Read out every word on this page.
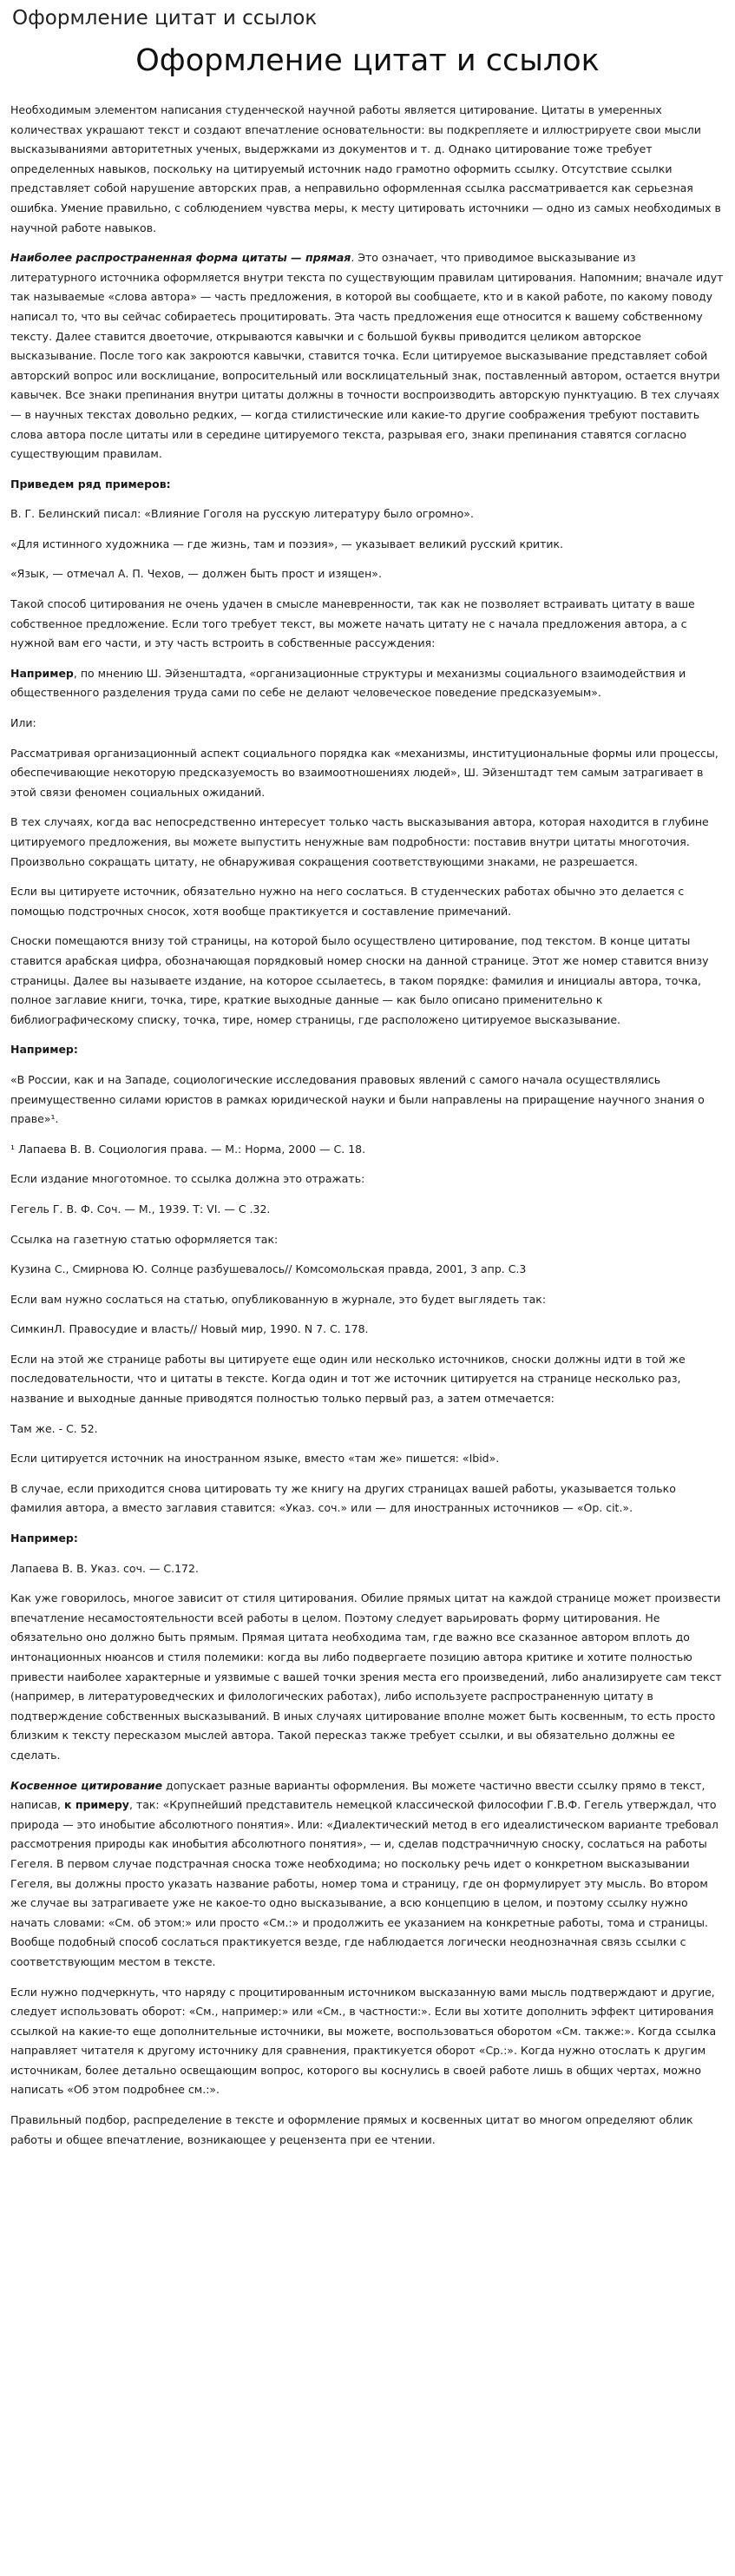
Оформление цитат и ссылок
Оформление цитат и ссылок

Необходимым элементом написания студенческой научной работы является цитирование. Цитаты в умеренных количествах украшают текст и создают впечатление основательности: вы подкрепляете и иллюстрируете свои мысли высказываниями авторитетных ученых, выдержками из документов и т. д. Однако цитирование тоже требует определенных навыков, поскольку на цитируемый источник надо грамотно оформить ссылку. Отсутствие ссылки представляет собой нарушение авторских прав, а неправильно оформленная ссылка рассматривается как серьезная ошибка. Умение правильно, с соблюдением чувства меры, к месту цитировать источники — одно из самых необходимых в научной работе навыков.

Наиболее распространенная форма цитаты — прямая. Это означает, что приводимое высказывание из литературного источника оформляется внутри текста по существующим правилам цитирования. Напомним; вначале идут так называемые «слова автора» — часть предложения, в которой вы сообщаете, кто и в какой работе, по какому поводу написал то, что вы сейчас собираетесь процитировать. Эта часть предложения еще относится к вашему собственному тексту. Далее ставится двоеточие, открываются кавычки и с большой буквы приводится целиком авторское высказывание. После того как закроются кавычки, ставится точка. Если цитируемое высказывание представляет собой авторский вопрос или восклицание, вопросительный или восклицательный знак, поставленный автором, остается внутри кавычек. Все знаки препинания внутри цитаты должны в точности воспроизводить авторскую пунктуацию. В тех случаях — в научных текстах довольно редких, — когда стилистические или какие-то другие соображения требуют поставить слова автора после цитаты или в середине цитируемого текста, разрывая его, знаки препинания ставятся согласно существующим правилам.

Приведем ряд примеров:

В. Г. Белинский писал: «Влияние Гоголя на русскую литературу было огромно».

«Для истинного художника — где жизнь, там и поэзия», — указывает великий русский критик.

«Язык, — отмечал А. П. Чехов, — должен быть прост и изящен».

Такой способ цитирования не очень удачен в смысле маневренности, так как не позволяет встраивать цитату в ваше собственное предложение. Если того требует текст, вы можете начать цитату не с начала предложения автора, а с нужной вам его части, и эту часть встроить в собственные рассуждения:

Например, по мнению Ш. Эйзенштадта, «организационные структуры и механизмы социального взаимодействия и общественного разделения труда сами по себе не делают человеческое поведение предсказуемым».

Или:

Рассматривая организационный аспект социального порядка как «механизмы, институциональные формы или процессы, обеспечивающие некоторую предсказуемость во взаимоотношениях людей», Ш. Эйзенштадт тем самым затрагивает в этой связи феномен социальных ожиданий.

В тех случаях, когда вас непосредственно интересует только часть высказывания автора, которая находится в глубине цитируемого предложения, вы можете выпустить ненужные вам подробности: поставив внутри цитаты многоточия. Произвольно сокращать цитату, не обнаруживая сокращения соответствующими знаками, не разрешается.

Если вы цитируете источник, обязательно нужно на него сослаться. В студенческих работах обычно это делается с помощью подстрочных сносок, хотя вообще практикуется и составление примечаний.

Сноски помещаются внизу той страницы, на которой было осуществлено цитирование, под текстом. В конце цитаты ставится арабская цифра, обозначающая порядковый номер сноски на данной странице. Этот же номер ставится внизу страницы. Далее вы называете издание, на которое ссылаетесь, в таком порядке: фамилия и инициалы автора, точка, полное заглавие книги, точка, тире, краткие выходные данные — как было описано применительно к библиографическому списку, точка, тире, номер страницы, где расположено цитируемое высказывание.

Например:

«В России, как и на Западе, социологические исследования правовых явлений с самого начала осуществлялись преимущественно силами юристов в рамках юридической науки и были направлены на приращение научного знания о праве»¹.

¹ Лапаева В. В. Социология права. — М.: Норма, 2000 — С. 18.

Если издание многотомное. то ссылка должна это отражать:

Гегель Г. В. Ф. Соч. — М., 1939. Т: VI. — С .32.

Ссылка на газетную статью оформляется так:

Кузина С., Смирнова Ю. Солнце разбушевалось// Комсомольская правда, 2001, 3 апр. С.3

Если вам нужно сослаться на статью, опубликованную в журнале, это будет выглядеть так:

СимкинЛ. Правосудие и власть// Новый мир, 1990. N 7. С. 178.

Если на этой же странице работы вы цитируете еще один или несколько источников, сноски должны идти в той же последовательности, что и цитаты в тексте. Когда один и тот же источник цитируется на странице несколько раз, название и выходные данные приводятся полностью только первый раз, а затем отмечается:

Там же. - С. 52.

Если цитируется источник на иностранном языке, вместо «там же» пишется: «Ibid».

В случае, если приходится снова цитировать ту же книгу на других страницах вашей работы, указывается только фамилия автора, а вместо заглавия ставится: «Указ. соч.» или — для иностранных источников — «Op. cit.».

Например:

Лапаева В. В. Указ. соч. — С.172.

Как уже говорилось, многое зависит от стиля цитирования. Обилие прямых цитат на каждой странице может произвести впечатление несамостоятельности всей работы в целом. Поэтому следует варьировать форму цитирования. Не обязательно оно должно быть прямым. Прямая цитата необходима там, где важно все сказанное автором вплоть до интонационных нюансов и стиля полемики: когда вы либо подвергаете позицию автора критике и хотите полностью привести наиболее характерные и уязвимые с вашей точки зрения места его произведений, либо анализируете сам текст (например, в литературоведческих и филологических работах), либо используете распространенную цитату в подтверждение собственных высказываний. В иных случаях цитирование вполне может быть косвенным, то есть просто близким к тексту пересказом мыслей автора. Такой пересказ также требует ссылки, и вы обязательно должны ее сделать.

Косвенное цитирование допускает разные варианты оформления. Вы можете частично ввести ссылку прямо в текст, написав, к примеру, так: «Крупнейший представитель немецкой классической философии Г.В.Ф. Гегель утверждал, что природа — это инобытие абсолютного понятия». Или: «Диалектический метод в его идеалистическом варианте требовал рассмотрения природы как инобытия абсолютного понятия», — и, сделав подстрачничную сноску, сослаться на работы Гегеля. В первом случае подстрачная сноска тоже необходима; но поскольку речь идет о конкретном высказывании Гегеля, вы должны просто указать название работы, номер тома и страницу, где он формулирует эту мысль. Во втором же случае вы затрагиваете уже не какое-то одно высказывание, а всю концепцию в целом, и поэтому ссылку нужно начать словами: «См. об этом:» или просто «См.:» и продолжить ее указанием на конкретные работы, тома и страницы. Вообще подобный способ сослаться практикуется везде, где наблюдается логически неоднозначная связь ссылки с соответствующим местом в тексте.

Если нужно подчеркнуть, что наряду с процитированным источником высказанную вами мысль подтверждают и другие, следует использовать оборот: «См., например:» или «См., в частности:». Если вы хотите дополнить эффект цитирования ссылкой на какие-то еще дополнительные источники, вы можете, воспользоваться оборотом «См. также:». Когда ссылка направляет читателя к другому источнику для сравнения, практикуется оборот «Ср.:». Когда нужно отослать к другим источникам, более детально освещающим вопрос, которого вы коснулись в своей работе лишь в общих чертах, можно написать «Об этом подробнее см.:».

Правильный подбор, распределение в тексте и оформление прямых и косвенных цитат во многом определяют облик работы и общее впечатление, возникающее у рецензента при ее чтении.
